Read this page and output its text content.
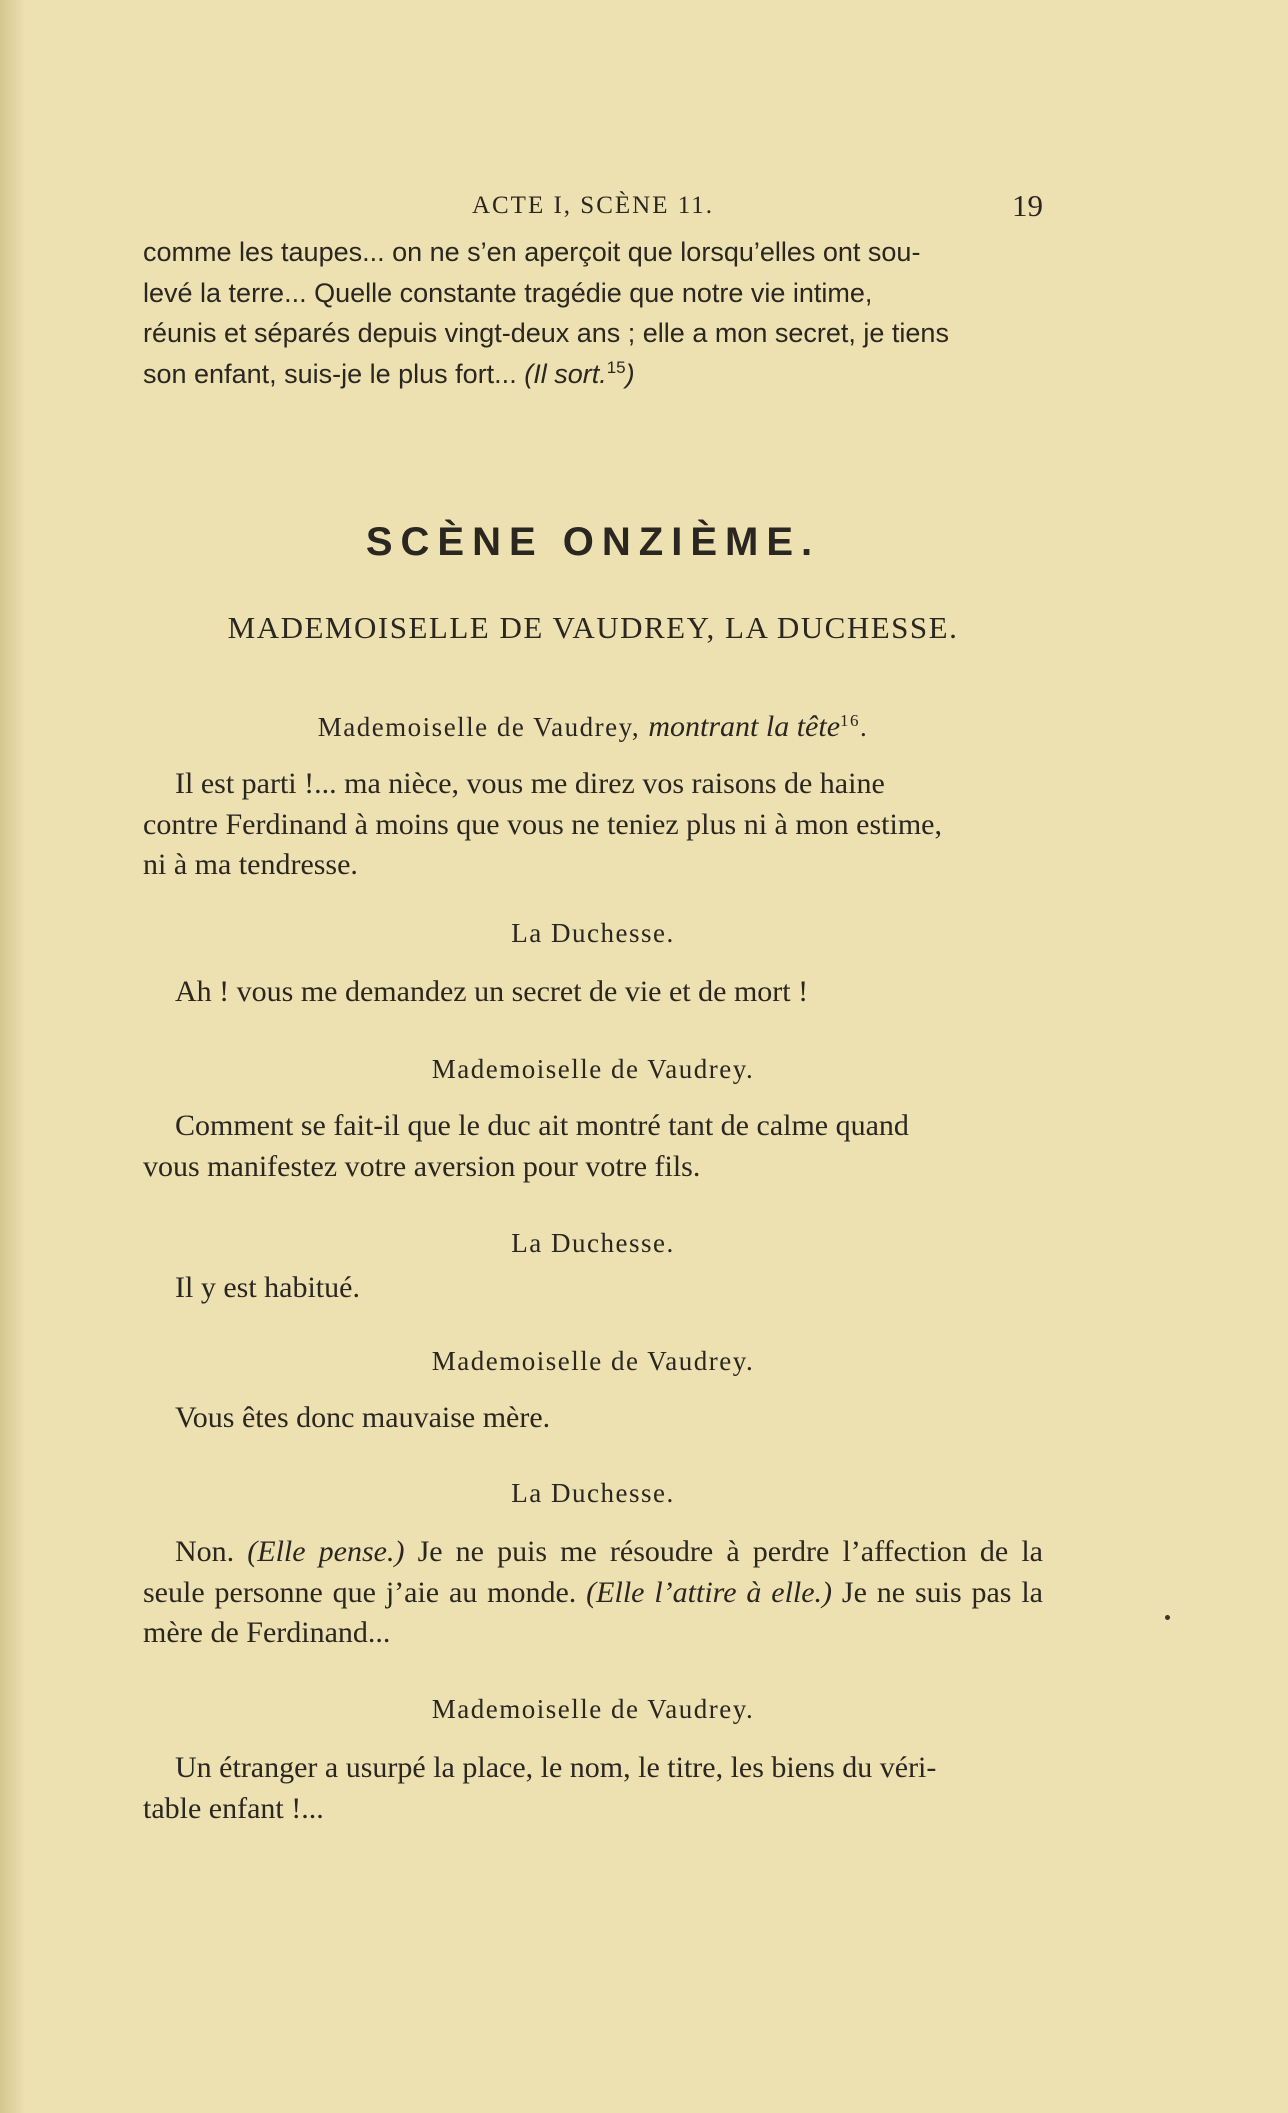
ACTE I, SCÈNE 11.	19

comme les taupes... on ne s’en aperçoit que lorsqu’elles ont sou-

levé la terre... Quelle constante tragédie que notre vie intime,

réunis et séparés depuis vingt-deux ans ; elle a mon secret, je tiens

son enfant, suis-je le plus fort... (Il sort.$^{15}$)

SCÈNE ONZIÈME.
MADEMOISELLE DE VAUDREY, LA DUCHESSE.

Mademoiselle de Vaudrey, montrant la tête$^{16}$.

Il est parti !... ma nièce, vous me direz vos raisons de haine

contre Ferdinand à moins que vous ne teniez plus ni à mon estime,

ni à ma tendresse.

La Duchesse.

Ah ! vous me demandez un secret de vie et de mort !

Mademoiselle de Vaudrey.

Comment se fait-il que le duc ait montré tant de calme quand

vous manifestez votre aversion pour votre fils.

La Duchesse.

Il y est habitué.

Mademoiselle de Vaudrey.

Vous êtes donc mauvaise mère.

La Duchesse.

Non. (Elle pense.) Je ne puis me résoudre à perdre l’affection de la seule personne que j’aie au monde. (Elle l’attire à elle.) Je ne suis pas la mère de Ferdinand...

Mademoiselle de Vaudrey.

Un étranger a usurpé la place, le nom, le titre, les biens du véri-

table enfant !...
